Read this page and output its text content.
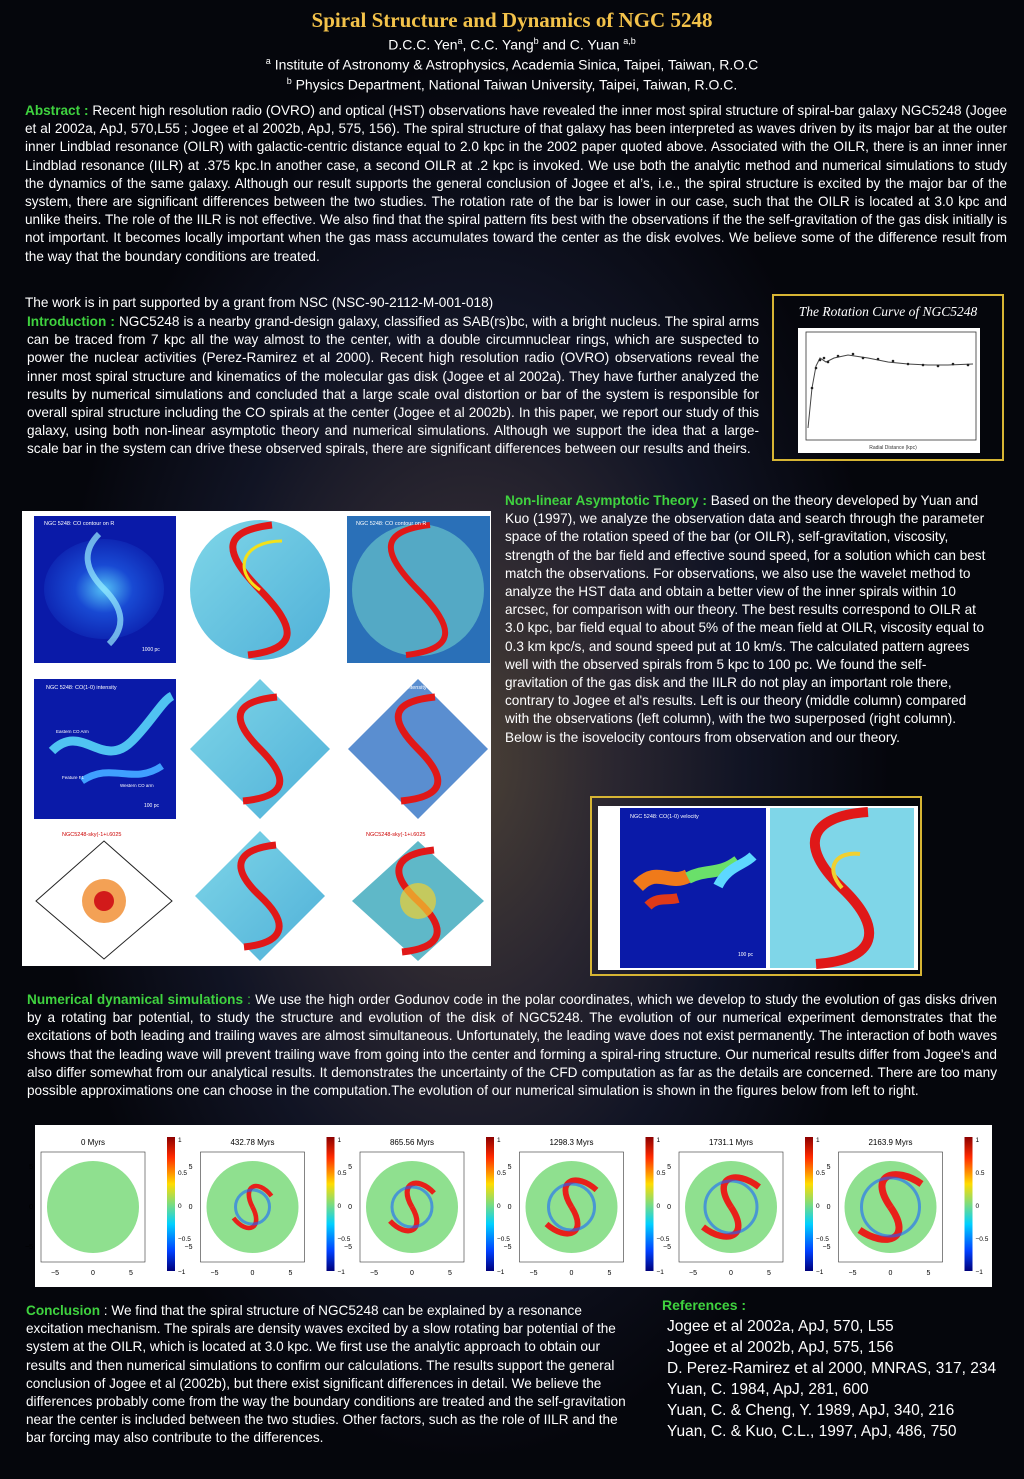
Spiral Structure and Dynamics of NGC 5248
D.C.C. Yen$^a$, C.C. Yang$^b$ and C. Yuan $^{a,b}$
$^a$ Institute of Astronomy & Astrophysics, Academia Sinica, Taipei, Taiwan, R.O.C
$^b$ Physics Department, National Taiwan University, Taipei, Taiwan, R.O.C.
Abstract : Recent high resolution radio (OVRO) and optical (HST) observations have revealed the inner most spiral structure of spiral-bar galaxy NGC5248 (Jogee et al 2002a, ApJ, 570,L55 ; Jogee et al 2002b, ApJ, 575, 156). The spiral structure of that galaxy has been interpreted as waves driven by its major bar at the outer inner Lindblad resonance (OILR) with galactic-centric distance equal to 2.0 kpc in the 2002 paper quoted above. Associated with the OILR, there is an inner inner Lindblad resonance (IILR) at .375 kpc.In another case, a second OILR at .2 kpc is invoked. We use both the analytic method and numerical simulations to study the dynamics of the same galaxy. Although our result supports the general conclusion of Jogee et al’s, i.e., the spiral structure is excited by the major bar of the system, there are significant differences between the two studies. The rotation rate of the bar is lower in our case, such that the OILR is located at 3.0 kpc and unlike theirs. The role of the IILR is not effective. We also find that the spiral pattern fits best with the observations if the the self-gravitation of the gas disk initially is not important. It becomes locally important when the gas mass accumulates toward the center as the disk evolves. We believe some of the difference result from the way that the boundary conditions are treated.
The work is in part supported by a grant from NSC (NSC-90-2112-M-001-018)
Introduction : NGC5248 is a nearby grand-design galaxy, classified as SAB(rs)bc, with a bright nucleus. The spiral arms can be traced from 7 kpc all the way almost to the center, with a double circumnuclear rings, which are suspected to power the nuclear activities (Perez-Ramirez et al 2000). Recent high resolution radio (OVRO) observations reveal the inner most spiral structure and kinematics of the molecular gas disk (Jogee et al 2002a). They have further analyzed the results by numerical simulations and concluded that a large scale oval distortion or bar of the system is responsible for overall spiral structure including the CO spirals at the center (Jogee et al 2002b). In this paper, we report our study of this galaxy, using both non-linear asymptotic theory and numerical simulations. Although we support the idea that a large-scale bar in the system can drive these observed spirals, there are significant differences between our results and theirs.
The Rotation Curve of NGC5248
Radial Distance (kpc)
Non-linear Asymptotic Theory : Based on the theory developed by Yuan and Kuo (1997), we analyze the observation data and search through the parameter space of the rotation speed of the bar (or OILR), self-gravitation, viscosity, strength of the bar field and effective sound speed, for a solution which can best match the observations. For observations, we also use the wavelet method to analyze the HST data and obtain a better view of the inner spirals within 10 arcsec, for comparison with our theory. The best results correspond to OILR at 3.0 kpc, bar field equal to about 5% of the mean field at OILR, viscosity equal to 0.3 km kpc/s, and sound speed put at 10 km/s. The calculated pattern agrees well with the observed spirals from 5 kpc to 100 pc. We found the self-gravitation of the gas disk and the IILR do not play an important role there, contrary to Jogee et al's results. Left is our theory (middle column) compared with the observations (left column), with the two superposed (right column). Below is the isovelocity contours from observation and our theory.
NGC 5248: CO contour on R
1000 pc
NGC 5248: CO contour on R
NGC 5248: CO(1-0) intensity
Eastern CO Arm
Western CO arm
Feature F1
100 pc
NGC 5248: CO(1-0) intensity
NGC5248-sky(-1+i.6025	NGC5248-sky(-1+i.6025
NGC 5248: CO(1-0) velocity
100 pc
Numerical dynamical simulations : We use the high order Godunov code in the polar coordinates, which we develop to study the evolution of gas disks driven by a rotating bar potential, to study the structure and evolution of the disk of NGC5248. The evolution of our numerical experiment demonstrates that the excitations of both leading and trailing waves are almost simultaneous. Unfortunately, the leading wave does not exist permanently. The interaction of both waves shows that the leading wave will prevent trailing wave from going into the center and forming a spiral-ring structure. Our numerical results differ from Jogee's and also differ somewhat from our analytical results. It demonstrates the uncertainty of the CFD computation as far as the details are concerned. There are too many possible approximations one can choose in the computation.The evolution of our numerical simulation is shown in the figures below from left to right.
0 Myrs
5
0
−5
−5	0	5
1
0.5
0
−0.5
−1
432.78 Myrs
5
0
−5
−5	0	5
1
0.5
0
−0.5
−1
865.56 Myrs
5
0
−5
−5	0	5
1
0.5
0
−0.5
−1
1298.3 Myrs
5
0
−5
−5	0	5
1
0.5
0
−0.5
−1
1731.1 Myrs
5
0
−5
−5	0	5
1
0.5
0
−0.5
−1
2163.9 Myrs
5
0
−5
−5	0	5
1
0.5
0
−0.5
−1
Conclusion : We find that the spiral structure of NGC5248 can be explained by a resonance excitation mechanism. The spirals are density waves excited by a slow rotating bar potential of the system at the OILR, which is located at 3.0 kpc. We first use the analytic approach to obtain our results and then numerical simulations to confirm our calculations. The results support the general conclusion of Jogee et al (2002b), but there exist significant differences in detail. We believe the differences probably come from the way the boundary conditions are treated and the self-gravitation near the center is included between the two studies. Other factors, such as the role of IILR and the bar forcing may also contribute to the differences.
References :
Jogee et al 2002a, ApJ, 570, L55
Jogee et al 2002b, ApJ, 575, 156
D. Perez-Ramirez et al 2000, MNRAS, 317, 234
Yuan, C. 1984, ApJ, 281, 600
Yuan, C. & Cheng, Y. 1989, ApJ, 340, 216
Yuan, C. & Kuo, C.L., 1997, ApJ, 486, 750
